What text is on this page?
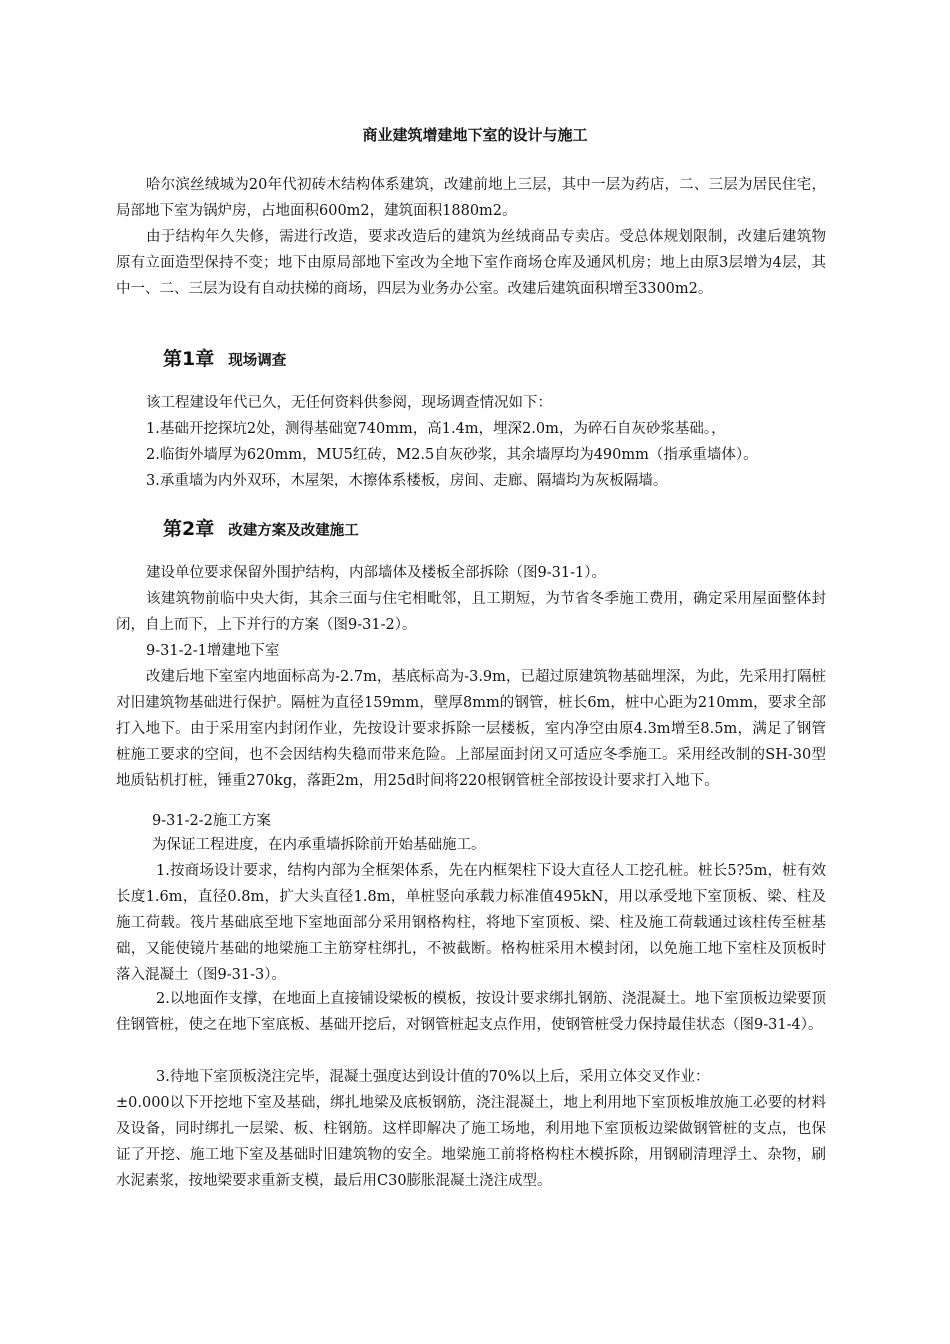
商业建筑增建地下室的设计与施工

哈尔滨丝绒城为20年代初砖木结构体系建筑，改建前地上三层，其中一层为药店，二、三层为居民住宅，局部地下室为锅炉房，占地面积600m2，建筑面积1880m2。

由于结构年久失修，需进行改造，要求改造后的建筑为丝绒商品专卖店。受总体规划限制，改建后建筑物原有立面造型保持不变；地下由原局部地下室改为全地下室作商场仓库及通风机房；地上由原3层增为4层，其中一、二、三层为设有自动扶梯的商场，四层为业务办公室。改建后建筑面积增至3300m2。

第1章 现场调查

该工程建设年代已久，无任何资料供参阅，现场调查情况如下：

1.基础开挖探坑2处，测得基础宽740mm，高1.4m，埋深2.0m，为碎石自灰砂浆基础。，

2.临街外墙厚为620mm，MU5红砖，M2.5自灰砂浆，其余墙厚均为490mm（指承重墙体）。

3.承重墙为内外双环，木屋架，木擦体系楼板，房间、走廊、隔墙均为灰板隔墙。

第2章 改建方案及改建施工

建设单位要求保留外围护结构，内部墙体及楼板全部拆除（图9-31-1）。

该建筑物前临中央大街，其余三面与住宅相毗邻，且工期短，为节省冬季施工费用，确定采用屋面整体封闭，自上而下，上下并行的方案（图9-31-2）。

9-31-2-1增建地下室

改建后地下室室内地面标高为-2.7m，基底标高为-3.9m，已超过原建筑物基础埋深，为此，先采用打隔桩对旧建筑物基础进行保护。隔桩为直径159mm，壁厚8mm的钢管，桩长6m，桩中心距为210mm，要求全部打入地下。由于采用室内封闭作业，先按设计要求拆除一层楼板，室内净空由原4.3m增至8.5m，满足了钢管桩施工要求的空间，也不会因结构失稳而带来危险。上部屋面封闭又可适应冬季施工。采用经改制的SH-30型地质钻机打桩，锤重270kg，落距2m，用25d时间将220根钢管桩全部按设计要求打入地下。

9-31-2-2施工方案

为保证工程进度，在内承重墙拆除前开始基础施工。

1.按商场设计要求，结构内部为全框架体系，先在内框架柱下设大直径人工挖孔桩。桩长5?5m，桩有效长度1.6m，直径0.8m，扩大头直径1.8m，单桩竖向承载力标准值495kN，用以承受地下室顶板、梁、柱及施工荷载。筏片基础底至地下室地面部分采用钢格构柱，将地下室顶板、梁、柱及施工荷载通过该柱传至桩基础，又能使镜片基础的地梁施工主筋穿柱绑扎，不被截断。格构桩采用木模封闭，以免施工地下室柱及顶板时落入混凝土（图9-31-3）。

2.以地面作支撑，在地面上直接铺设梁板的模板，按设计要求绑扎钢筋、浇混凝土。地下室顶板边梁要顶住钢管桩，使之在地下室底板、基础开挖后，对钢管桩起支点作用，使钢管桩受力保持最佳状态（图9-31-4）。

3.待地下室顶板浇注完毕，混凝土强度达到设计值的70%以上后，采用立体交叉作业：

±0.000以下开挖地下室及基础，绑扎地梁及底板钢筋，浇注混凝土，地上利用地下室顶板堆放施工必要的材料及设备，同时绑扎一层梁、板、柱钢筋。这样即解决了施工场地，利用地下室顶板边梁做钢管桩的支点，也保证了开挖、施工地下室及基础时旧建筑物的安全。地梁施工前将格构柱木模拆除，用钢刷清理浮土、杂物，刷水泥素浆，按地梁要求重新支模，最后用C30膨胀混凝土浇注成型。
